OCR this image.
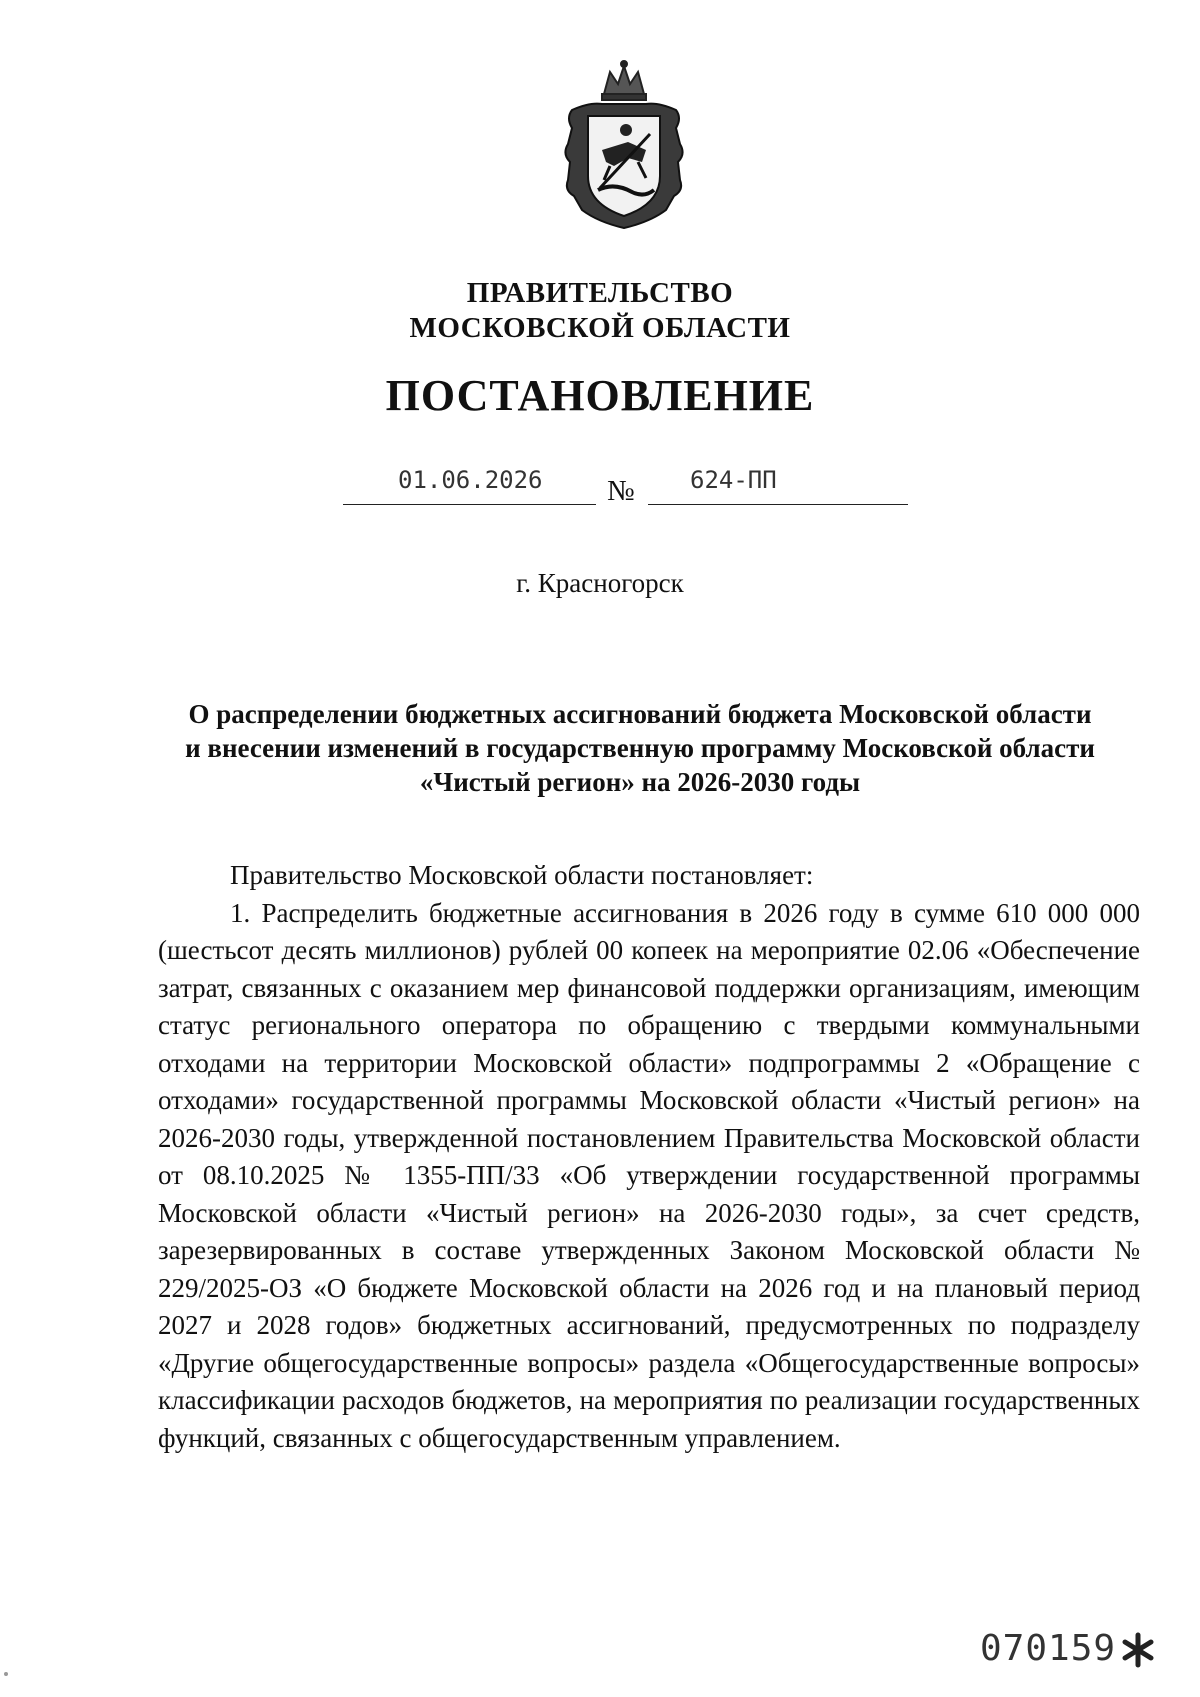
ПРАВИТЕЛЬСТВО
МОСКОВСКОЙ ОБЛАСТИ
ПОСТАНОВЛЕНИЕ
01.06.2026 № 624-ПП
г. Красногорск
О распределении бюджетных ассигнований бюджета Московской области
и внесении изменений в государственную программу Московской области
«Чистый регион» на 2026-2030 годы

Правительство Московской области постановляет:

1. Распределить бюджетные ассигнования в 2026 году в сумме 610 000 000 (шестьсот десять миллионов) рублей 00 копеек на мероприятие 02.06 «Обеспечение затрат, связанных с оказанием мер финансовой поддержки организациям, имеющим статус регионального оператора по обращению с твердыми коммунальными отходами на территории Московской области» подпрограммы 2 «Обращение с отходами» государственной программы Московской области «Чистый регион» на 2026-2030 годы, утвержденной постановлением Правительства Московской области от 08.10.2025 № 1355-ПП/33 «Об утверждении государственной программы Московской области «Чистый регион» на 2026-2030 годы», за счет средств, зарезервированных в составе утвержденных Законом Московской области № 229/2025-ОЗ «О бюджете Московской области на 2026 год и на плановый период 2027 и 2028 годов» бюджетных ассигнований, предусмотренных по подразделу «Другие общегосударственные вопросы» раздела «Общегосударственные вопросы» классификации расходов бюджетов, на мероприятия по реализации государственных функций, связанных с общегосударственным управлением.

070159
